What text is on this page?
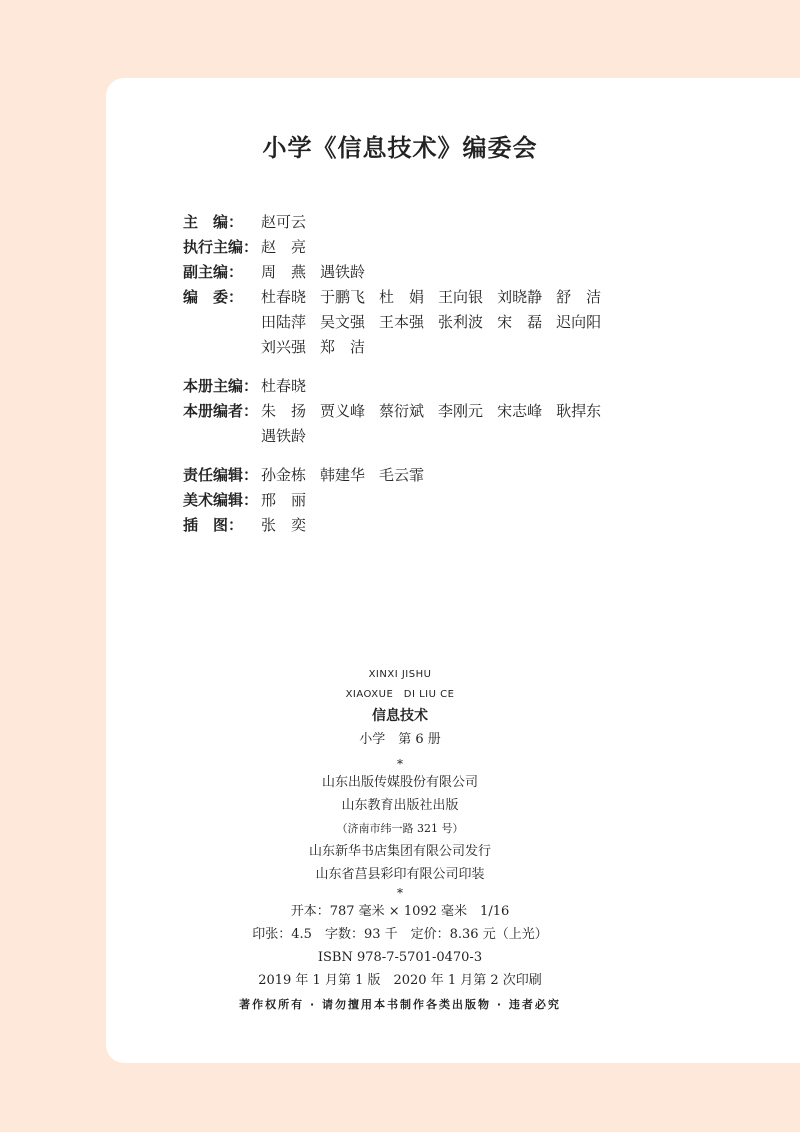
小学《信息技术》编委会
主　编：	赵可云
执行主编： 赵　亮
副主编：	周　燕 遇铁龄
编　委：	杜春晓 于鹏飞 杜　娟 王向银 刘晓静 舒　洁
田陆萍 吴文强 王本强 张利波 宋　磊 迟向阳
刘兴强 郑　洁
本册主编： 杜春晓
本册编者： 朱　扬 贾义峰 蔡衍斌 李刚元 宋志峰 耿捍东
遇铁龄
责任编辑： 孙金栋 韩建华 毛云霏
美术编辑： 邢　丽
插　图：	张　奕
XINXI JISHU
XIAOXUE　DI LIU CE
信息技术
小学　第 6 册
*
山东出版传媒股份有限公司
山东教育出版社出版
（济南市纬一路 321 号）
山东新华书店集团有限公司发行
山东省莒县彩印有限公司印装
*
开本：787 毫米 × 1092 毫米　1/16
印张：4.5　字数：93 千　定价：8.36 元（上光）
ISBN 978-7-5701-0470-3
2019 年 1 月第 1 版　2020 年 1 月第 2 次印刷
著作权所有 · 请勿擅用本书制作各类出版物 · 违者必究
